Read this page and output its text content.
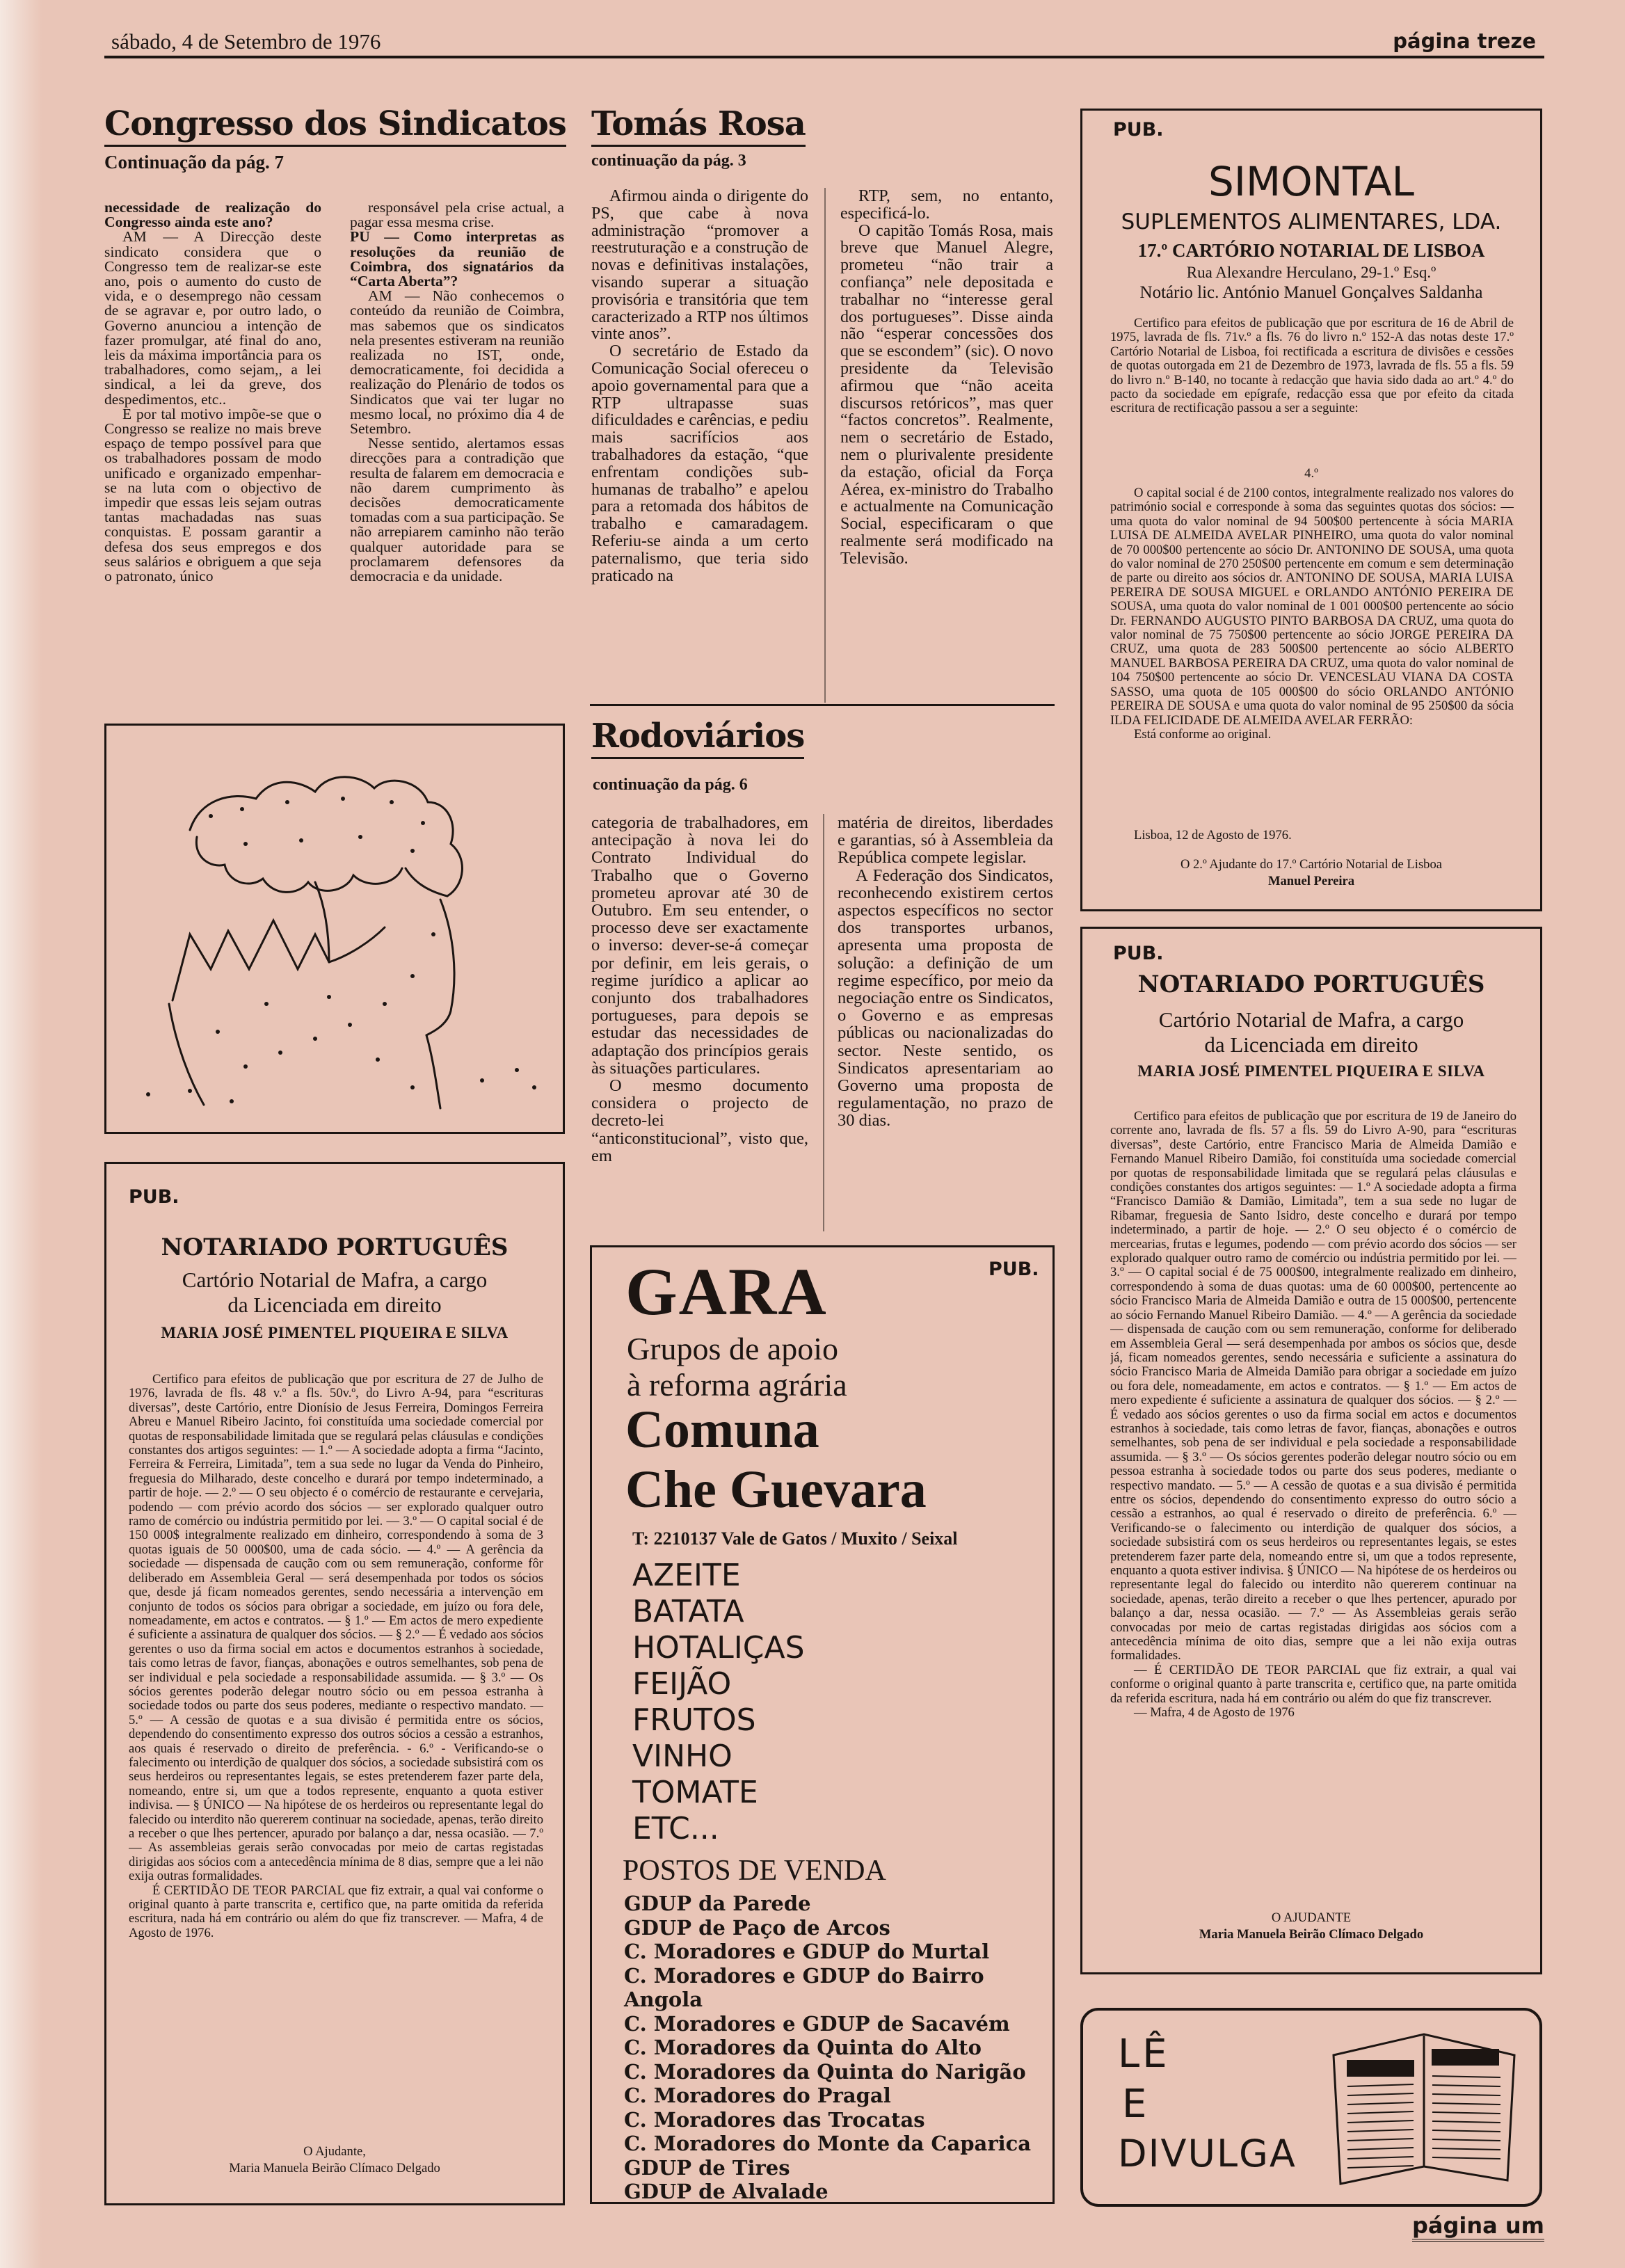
sábado, 4 de Setembro de 1976	página treze
Congresso dos Sindicatos
Continuação da pág. 7

necessidade de realização do Congresso ainda este ano?

AM — A Direcção deste sindicato considera que o Congresso tem de realizar-se este ano, pois o aumento do custo de vida, e o desemprego não cessam de se agravar e, por outro lado, o Governo anunciou a intenção de fazer promulgar, até final do ano, leis da máxima importância para os trabalhadores, como sejam,, a lei sindical, a lei da greve, dos despedimentos, etc..

E por tal motivo impõe-se que o Congresso se realize no mais breve espaço de tempo possível para que os trabalhadores possam de modo unificado e organizado empenhar-se na luta com o objectivo de impedir que essas leis sejam outras tantas machadadas nas suas conquistas. E possam garantir a defesa dos seus empregos e dos seus salários e obriguem a que seja o patronato, único

responsável pela crise actual, a pagar essa mesma crise.

PU — Como interpretas as resoluções da reunião de Coimbra, dos signatários da “Carta Aberta”?

AM — Não conhecemos o conteúdo da reunião de Coimbra, mas sabemos que os sindicatos nela presentes estiveram na reunião realizada no IST, onde, democraticamente, foi decidida a realização do Plenário de todos os Sindicatos que vai ter lugar no mesmo local, no próximo dia 4 de Setembro.

Nesse sentido, alertamos essas direcções para a contradição que resulta de falarem em democracia e não darem cumprimento às decisões democraticamente tomadas com a sua participação. Se não arrepiarem caminho não terão qualquer autoridade para se proclamarem defensores da democracia e da unidade.

PUB.
NOTARIADO PORTUGUÊS
Cartório Notarial de Mafra, a cargo
da Licenciada em direito
MARIA JOSÉ PIMENTEL PIQUEIRA E SILVA

Certifico para efeitos de publicação que por escritura de 27 de Julho de 1976, lavrada de fls. 48 v.º a fls. 50v.º, do Livro A-94, para “escrituras diversas”, deste Cartório, entre Dionísio de Jesus Ferreira, Domingos Ferreira Abreu e Manuel Ribeiro Jacinto, foi constituída uma sociedade comercial por quotas de responsabilidade limitada que se regulará pelas cláusulas e condições constantes dos artigos seguintes: — 1.º — A sociedade adopta a firma “Jacinto, Ferreira & Ferreira, Limitada”, tem a sua sede no lugar da Venda do Pinheiro, freguesia do Milharado, deste concelho e durará por tempo indeterminado, a partir de hoje. — 2.º — O seu objecto é o comércio de restaurante e cervejaria, podendo — com prévio acordo dos sócios — ser explorado qualquer outro ramo de comércio ou indústria permitido por lei. — 3.º — O capital social é de 150 000$ integralmente realizado em dinheiro, correspondendo à soma de 3 quotas iguais de 50 000$00, uma de cada sócio. — 4.º — A gerência da sociedade — dispensada de caução com ou sem remuneração, conforme fôr deliberado em Assembleia Geral — será desempenhada por todos os sócios que, desde já ficam nomeados gerentes, sendo necessária a intervenção em conjunto de todos os sócios para obrigar a sociedade, em juízo ou fora dele, nomeadamente, em actos e contratos. — § 1.º — Em actos de mero expediente é suficiente a assinatura de qualquer dos sócios. — § 2.º — É vedado aos sócios gerentes o uso da firma social em actos e documentos estranhos à sociedade, tais como letras de favor, fianças, abonações e outros semelhantes, sob pena de ser individual e pela sociedade a responsabilidade assumida. — § 3.º — Os sócios gerentes poderão delegar noutro sócio ou em pessoa estranha à sociedade todos ou parte dos seus poderes, mediante o respectivo mandato. — 5.º — A cessão de quotas e a sua divisão é permitida entre os sócios, dependendo do consentimento expresso dos outros sócios a cessão a estranhos, aos quais é reservado o direito de preferência. - 6.º - Verificando-se o falecimento ou interdição de qualquer dos sócios, a sociedade subsistirá com os seus herdeiros ou representantes legais, se estes pretenderem fazer parte dela, nomeando, entre si, um que a todos represente, enquanto a quota estiver indivisa. — § ÚNICO — Na hipótese de os herdeiros ou representante legal do falecido ou interdito não quererem continuar na sociedade, apenas, terão direito a receber o que lhes pertencer, apurado por balanço a dar, nessa ocasião. — 7.º — As assembleias gerais serão convocadas por meio de cartas registadas dirigidas aos sócios com a antecedência mínima de 8 dias, sempre que a lei não exija outras formalidades.

É CERTIDÃO DE TEOR PARCIAL que fiz extrair, a qual vai conforme o original quanto à parte transcrita e, certifico que, na parte omitida da referida escritura, nada há em contrário ou além do que fiz transcrever. — Mafra, 4 de Agosto de 1976.

O Ajudante,
Maria Manuela Beirão Clímaco Delgado
Tomás Rosa
continuação da pág. 3

Afirmou ainda o dirigente do PS, que cabe à nova administração “promover a reestruturação e a construção de novas e definitivas instalações, visando superar a situação provisória e transitória que tem caracterizado a RTP nos últimos vinte anos”.

O secretário de Estado da Comunicação Social ofereceu o apoio governamental para que a RTP ultrapasse suas dificuldades e carências, e pediu mais sacrifícios aos trabalhadores da estação, “que enfrentam condições sub-humanas de trabalho” e apelou para a retomada dos hábitos de trabalho e camaradagem. Referiu-se ainda a um certo paternalismo, que teria sido praticado na

RTP, sem, no entanto, especificá-lo.

O capitão Tomás Rosa, mais breve que Manuel Alegre, prometeu “não trair a confiança” nele depositada e trabalhar no “interesse geral dos portugueses”. Disse ainda não “esperar concessões dos que se escondem” (sic). O novo presidente da Televisão afirmou que “não aceita discursos retóricos”, mas quer “factos concretos”. Realmente, nem o secretário de Estado, nem o plurivalente presidente da estação, oficial da Força Aérea, ex-ministro do Trabalho e actualmente na Comunicação Social, especificaram o que realmente será modificado na Televisão.

Rodoviários
continuação da pág. 6

categoria de trabalhadores, em antecipação à nova lei do Contrato Individual do Trabalho que o Governo prometeu aprovar até 30 de Outubro. Em seu entender, o processo deve ser exactamente o inverso: dever-se-á começar por definir, em leis gerais, o regime jurídico a aplicar ao conjunto dos trabalhadores portugueses, para depois se estudar das necessidades de adaptação dos princípios gerais às situações particulares.

O mesmo documento considera o projecto de decreto-lei “anticonstitucional”, visto que, em

matéria de direitos, liberdades e garantias, só à Assembleia da República compete legislar.

A Federação dos Sindicatos, reconhecendo existirem certos aspectos específicos no sector dos transportes urbanos, apresenta uma proposta de solução: a definição de um regime específico, por meio da negociação entre os Sindicatos, o Governo e as empresas públicas ou nacionalizadas do sector. Neste sentido, os Sindicatos apresentariam ao Governo uma proposta de regulamentação, no prazo de 30 dias.

PUB.
GARA
Grupos de apoio
à reforma agrária
Comuna
Che Guevara
T: 2210137 Vale de Gatos / Muxito / Seixal
AZEITE
BATATA
HOTALIÇAS
FEIJÃO
FRUTOS
VINHO
TOMATE
ETC...
POSTOS DE VENDA
GDUP da Parede
GDUP de Paço de Arcos
C. Moradores e GDUP do Murtal
C. Moradores e GDUP do Bairro Angola
C. Moradores e GDUP de Sacavém
C. Moradores da Quinta do Alto
C. Moradores da Quinta do Narigão
C. Moradores do Pragal
C. Moradores das Trocatas
C. Moradores do Monte da Caparica
GDUP de Tires
GDUP de Alvalade
PUB.
SIMONTAL
SUPLEMENTOS ALIMENTARES, LDA.
17.º CARTÓRIO NOTARIAL DE LISBOA
Rua Alexandre Herculano, 29-1.º Esq.º
Notário lic. António Manuel Gonçalves Saldanha

Certifico para efeitos de publicação que por escritura de 16 de Abril de 1975, lavrada de fls. 71v.º a fls. 76 do livro n.º 152-A das notas deste 17.º Cartório Notarial de Lisboa, foi rectificada a escritura de divisões e cessões de quotas outorgada em 21 de Dezembro de 1973, lavrada de fls. 55 a fls. 59 do livro n.º B-140, no tocante à redacção que havia sido dada ao art.º 4.º do pacto da sociedade em epígrafe, redacção essa que por efeito da citada escritura de rectificação passou a ser a seguinte:

4.º

O capital social é de 2100 contos, integralmente realizado nos valores do património social e corresponde à soma das seguintes quotas dos sócios: — uma quota do valor nominal de 94 500$00 pertencente à sócia MARIA LUISA DE ALMEIDA AVELAR PINHEIRO, uma quota do valor nominal de 70 000$00 pertencente ao sócio Dr. ANTONINO DE SOUSA, uma quota do valor nominal de 270 250$00 pertencente em comum e sem determinação de parte ou direito aos sócios dr. ANTONINO DE SOUSA, MARIA LUISA PEREIRA DE SOUSA MIGUEL e ORLANDO ANTÓNIO PEREIRA DE SOUSA, uma quota do valor nominal de 1 001 000$00 pertencente ao sócio Dr. FERNANDO AUGUSTO PINTO BARBOSA DA CRUZ, uma quota do valor nominal de 75 750$00 pertencente ao sócio JORGE PEREIRA DA CRUZ, uma quota de 283 500$00 pertencente ao sócio ALBERTO MANUEL BARBOSA PEREIRA DA CRUZ, uma quota do valor nominal de 104 750$00 pertencente ao sócio Dr. VENCESLAU VIANA DA COSTA SASSO, uma quota de 105 000$00 do sócio ORLANDO ANTÓNIO PEREIRA DE SOUSA e uma quota do valor nominal de 95 250$00 da sócia ILDA FELICIDADE DE ALMEIDA AVELAR FERRÃO:

Está conforme ao original.

Lisboa, 12 de Agosto de 1976.

O 2.º Ajudante do 17.º Cartório Notarial de Lisboa
Manuel Pereira
PUB.
NOTARIADO PORTUGUÊS
Cartório Notarial de Mafra, a cargo
da Licenciada em direito
MARIA JOSÉ PIMENTEL PIQUEIRA E SILVA

Certifico para efeitos de publicação que por escritura de 19 de Janeiro do corrente ano, lavrada de fls. 57 a fls. 59 do Livro A-90, para “escrituras diversas”, deste Cartório, entre Francisco Maria de Almeida Damião e Fernando Manuel Ribeiro Damião, foi constituída uma sociedade comercial por quotas de responsabilidade limitada que se regulará pelas cláusulas e condições constantes dos artigos seguintes: — 1.º A sociedade adopta a firma “Francisco Damião & Damião, Limitada”, tem a sua sede no lugar de Ribamar, freguesia de Santo Isidro, deste concelho e durará por tempo indeterminado, a partir de hoje. — 2.º O seu objecto é o comércio de mercearias, frutas e legumes, podendo — com prévio acordo dos sócios — ser explorado qualquer outro ramo de comércio ou indústria permitido por lei. — 3.º — O capital social é de 75 000$00, integralmente realizado em dinheiro, correspondendo à soma de duas quotas: uma de 60 000$00, pertencente ao sócio Francisco Maria de Almeida Damião e outra de 15 000$00, pertencente ao sócio Fernando Manuel Ribeiro Damião. — 4.º — A gerência da sociedade — dispensada de caução com ou sem remuneração, conforme for deliberado em Assembleia Geral — será desempenhada por ambos os sócios que, desde já, ficam nomeados gerentes, sendo necessária e suficiente a assinatura do sócio Francisco Maria de Almeida Damião para obrigar a sociedade em juízo ou fora dele, nomeadamente, em actos e contratos. — § 1.º — Em actos de mero expediente é suficiente a assinatura de qualquer dos sócios. — § 2.º — É vedado aos sócios gerentes o uso da firma social em actos e documentos estranhos à sociedade, tais como letras de favor, fianças, abonações e outros semelhantes, sob pena de ser individual e pela sociedade a responsabilidade assumida. — § 3.º — Os sócios gerentes poderão delegar noutro sócio ou em pessoa estranha à sociedade todos ou parte dos seus poderes, mediante o respectivo mandato. — 5.º — A cessão de quotas e a sua divisão é permitida entre os sócios, dependendo do consentimento expresso do outro sócio a cessão a estranhos, ao qual é reservado o direito de preferência. 6.º — Verificando-se o falecimento ou interdição de qualquer dos sócios, a sociedade subsistirá com os seus herdeiros ou representantes legais, se estes pretenderem fazer parte dela, nomeando entre si, um que a todos represente, enquanto a quota estiver indivisa. § ÚNICO — Na hipótese de os herdeiros ou representante legal do falecido ou interdito não quererem continuar na sociedade, apenas, terão direito a receber o que lhes pertencer, apurado por balanço a dar, nessa ocasião. — 7.º — As Assembleias gerais serão convocadas por meio de cartas registadas dirigidas aos sócios com a antecedência mínima de oito dias, sempre que a lei não exija outras formalidades.

— É CERTIDÃO DE TEOR PARCIAL que fiz extrair, a qual vai conforme o original quanto à parte transcrita e, certifico que, na parte omitida da referida escritura, nada há em contrário ou além do que fiz transcrever.

— Mafra, 4 de Agosto de 1976

O AJUDANTE
Maria Manuela Beirão Clímaco Delgado
LÊ
E
DIVULGA
página um
